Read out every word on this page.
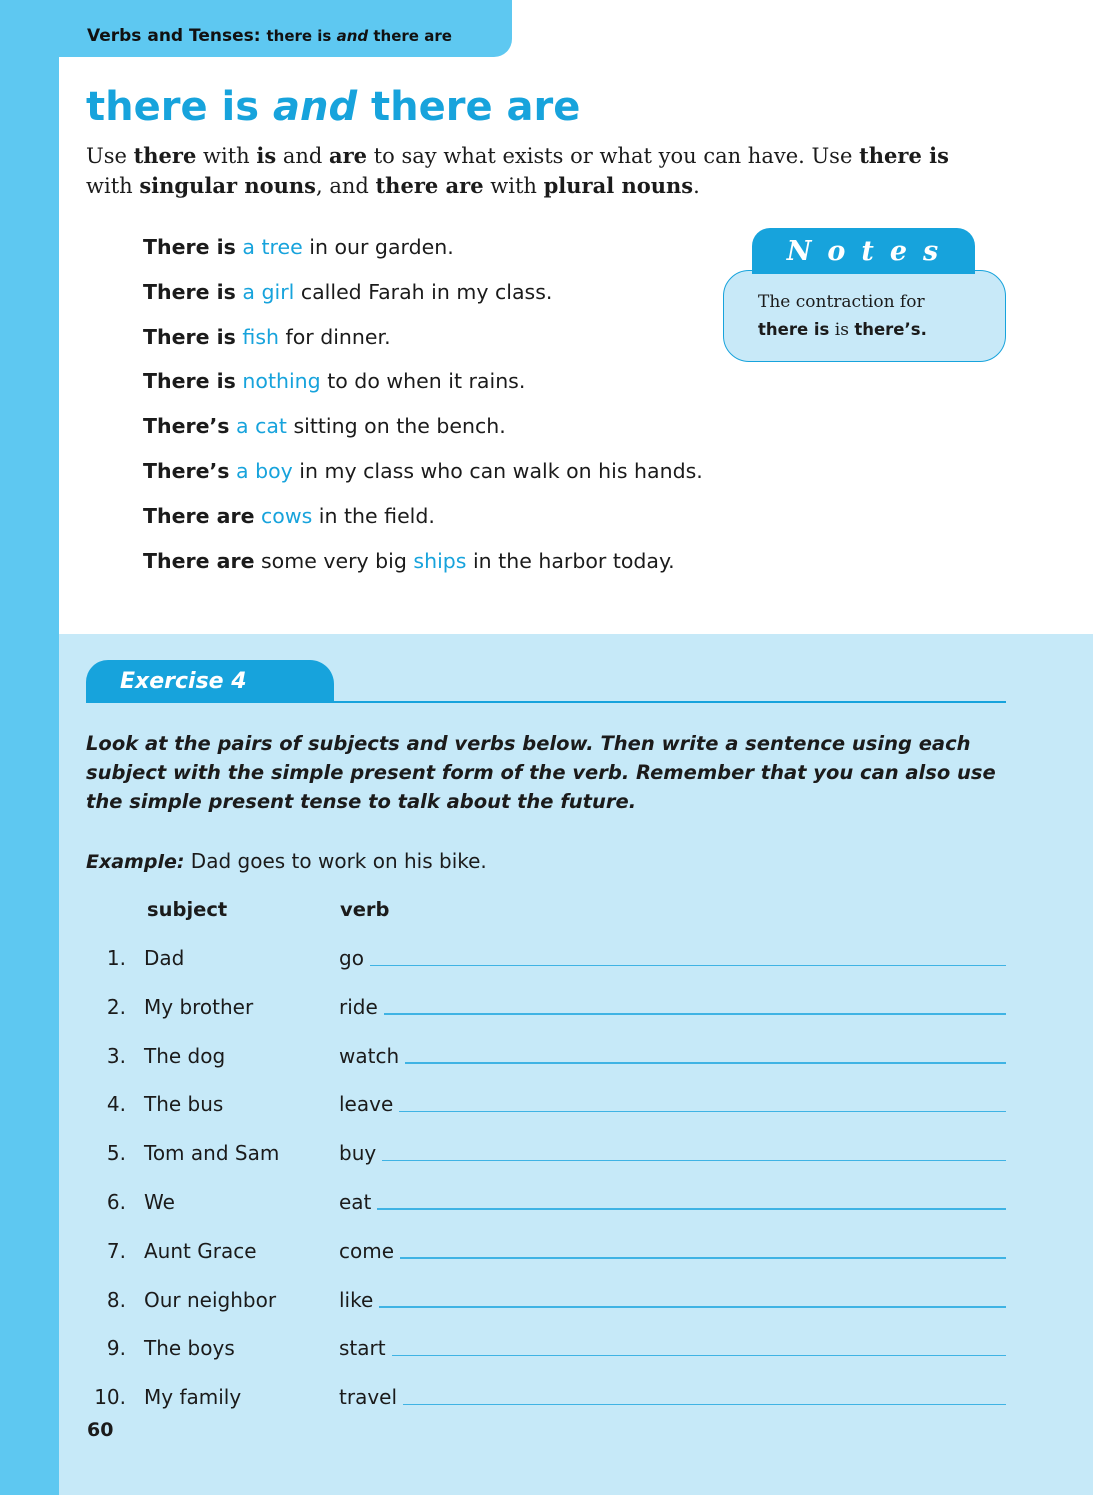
Verbs and Tenses: there is and there are
there is and there are

Use there with is and are to say what exists or what you can have. Use there is
with singular nouns, and there are with plural nouns.

There is a tree in our garden.
There is a girl called Farah in my class.
There is fish for dinner.
There is nothing to do when it rains.
There’s a cat sitting on the bench.
There’s a boy in my class who can walk on his hands.
There are cows in the field.
There are some very big ships in the harbor today.
The contraction for
there is is there’s.
Notes
Exercise 4

Look at the pairs of subjects and verbs below. Then write a sentence using each subject with the simple present form of the verb. Remember that you can also use the simple present tense to talk about the future.

Example: Dad goes to work on his bike.
subject	verb
1. Dad	go
2. My brother	ride
3. The dog	watch
4. The bus	leave
5. Tom and Sam	buy
6. We	eat
7. Aunt Grace	come
8. Our neighbor	like
9. The boys	start
10. My family	travel
60
